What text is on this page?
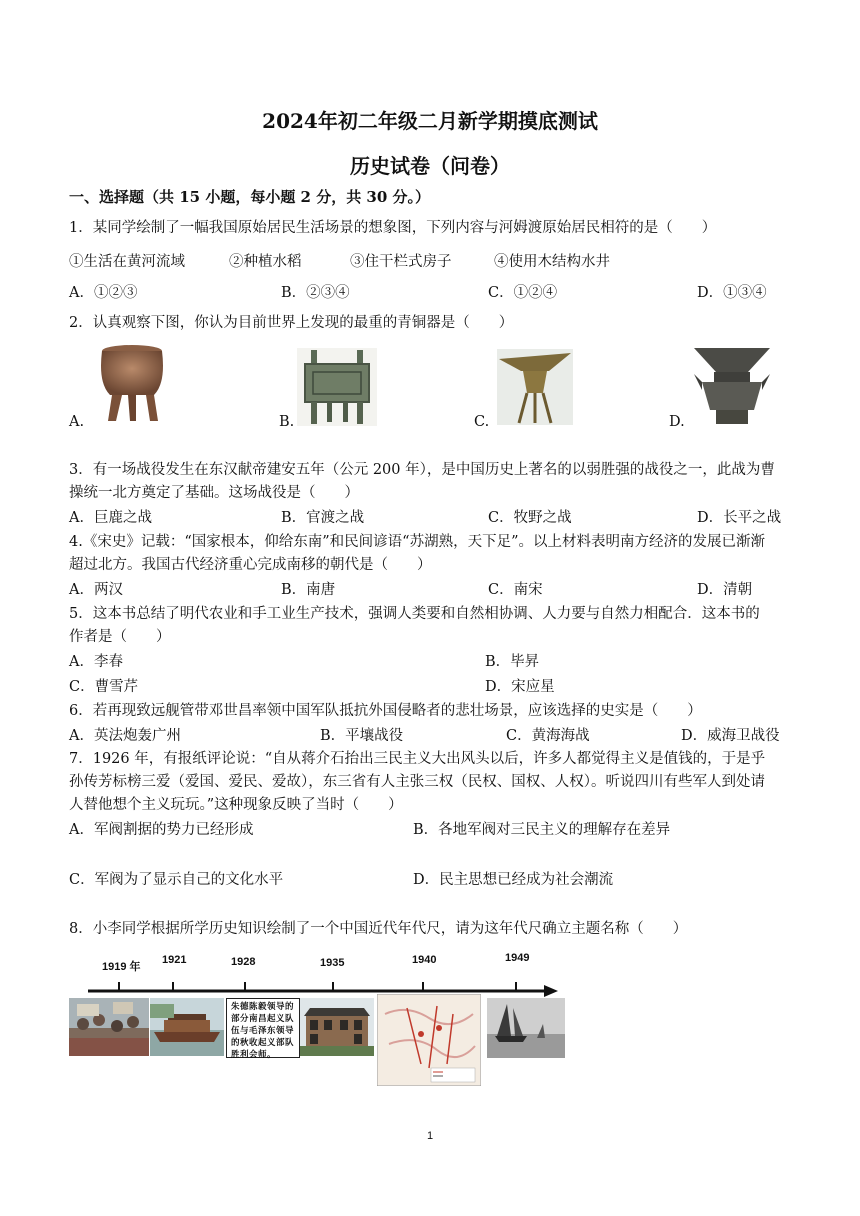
2024年初二年级二月新学期摸底测试
历史试卷（问卷）
一、选择题（共 15 小题，每小题 2 分，共 30 分。）
1．某同学绘制了一幅我国原始居民生活场景的想象图，下列内容与河姆渡原始居民相符的是（　　）
①生活在黄河流域	②种植水稻	③住干栏式房子	④使用木结构水井
A．①②③	B．②③④	C．①②④	D．①③④
2．认真观察下图，你认为目前世界上发现的最重的青铜器是（　　）
A.	B.	C.	D.
3．有一场战役发生在东汉献帝建安五年（公元 200 年），是中国历史上著名的以弱胜强的战役之一，此战为曹
操统一北方奠定了基础。这场战役是（　　）
A．巨鹿之战	B．官渡之战	C．牧野之战	D．长平之战
4.《宋史》记载：“国家根本，仰给东南”和民间谚语“苏湖熟，天下足”。以上材料表明南方经济的发展已渐渐
超过北方。我国古代经济重心完成南移的朝代是（　　）
A．两汉	B．南唐	C．南宋	D．清朝
5．这本书总结了明代农业和手工业生产技术，强调人类要和自然相协调、人力要与自然力相配合．这本书的
作者是（　　）
A．李春	B．毕昇
C．曹雪芹	D．宋应星
6．若再现致远舰管带邓世昌率领中国军队抵抗外国侵略者的悲壮场景，应该选择的史实是（　　）
A．英法炮轰广州	B．平壤战役	C．黄海海战	D．威海卫战役
7．1926 年，有报纸评论说：“自从蒋介石抬出三民主义大出风头以后，许多人都觉得主义是值钱的，于是乎
孙传芳标榜三爱（爱国、爱民、爱故），东三省有人主张三权（民权、国权、人权）。听说四川有些军人到处请
人替他想个主义玩玩。”这种现象反映了当时（　　）
A．军阀割据的势力已经形成	B．各地军阀对三民主义的理解存在差异
C．军阀为了显示自己的文化水平	D．民主思想已经成为社会潮流
8．小李同学根据所学历史知识绘制了一个中国近代年代尺，请为这年代尺确立主题名称（　　）
1919 年
1921	1928	1935	1940	1949
朱德陈毅领导的部分南昌起义队伍与毛泽东领导的秋收起义部队胜利会师。
1
